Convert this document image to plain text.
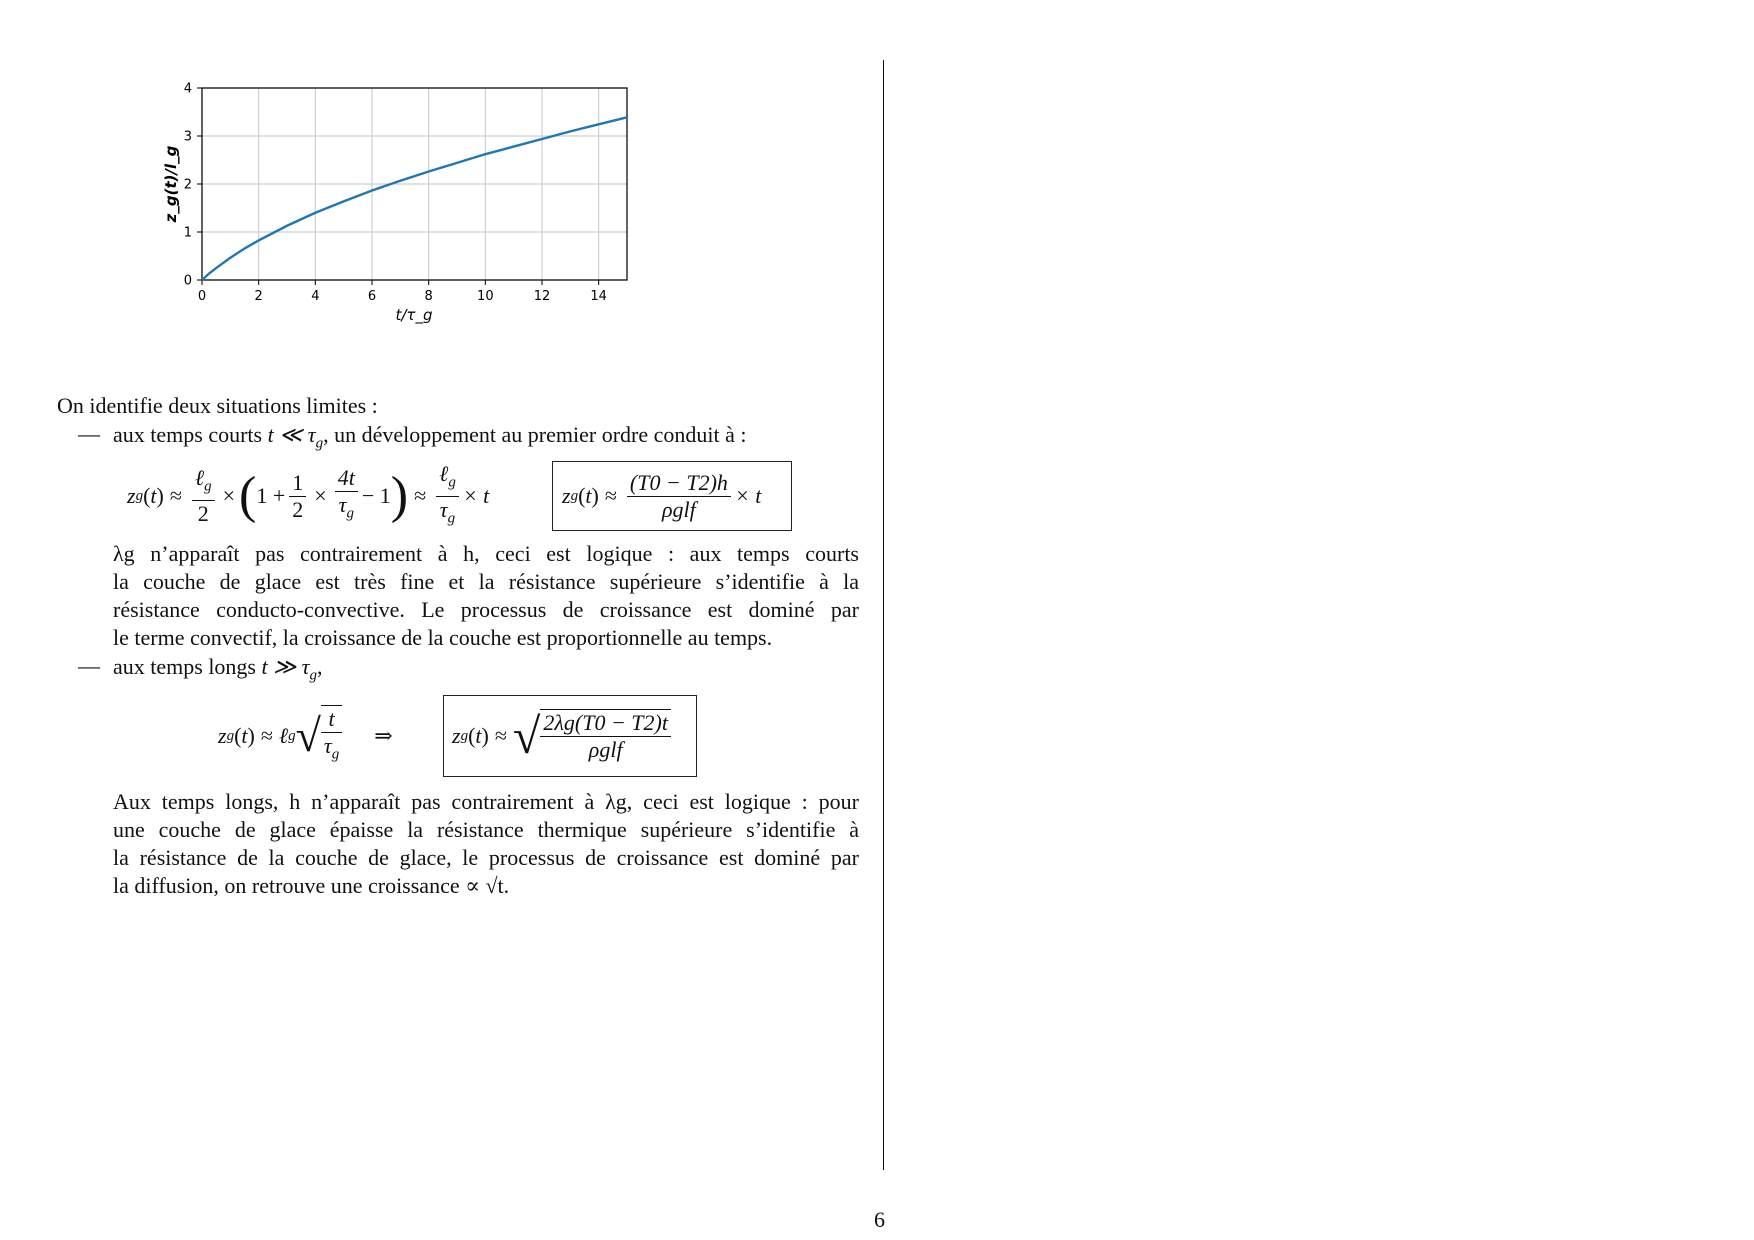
0	2	4	6	8	10	12	14
0
1
2
3
4
t/τ_g
z_g(t)/l_g
On identifie deux situations limites :
— aux temps courts t ≪ $\tau_g$, un développement au premier ordre conduit à :
z g ( t ) ≈ $\frac{\ell_g}{2}$ × ( $1 + \frac{1}{2} \times \frac{4t}{\tau_g} - 1$ ) ≈ $\frac{\ell_g}{\tau_g} \times t$	z g ( t ) ≈ $\frac{(T0 - T2)h}{\text{ρglf}} \times t$
λg n’apparaît pas contrairement à h, ceci est logique : aux temps courts
la couche de glace est très fine et la résistance supérieure s’identifie à la
résistance conducto-convective. Le processus de croissance est dominé par
le terme convectif, la croissance de la couche est proportionnelle au temps.
— aux temps longs t ≫ $\tau_g$,
z g ( t ) ≈ ℓ g √ $\frac{t}{\tau_g}$ ⇒	z g ( t ) ≈ √ $\frac{2\lambda g(T0 - T2)t}{\text{ρglf}}$
Aux temps longs, h n’apparaît pas contrairement à λg, ceci est logique : pour
une couche de glace épaisse la résistance thermique supérieure s’identifie à
la résistance de la couche de glace, le processus de croissance est dominé par
la diffusion, on retrouve une croissance ∝ √t.
6
